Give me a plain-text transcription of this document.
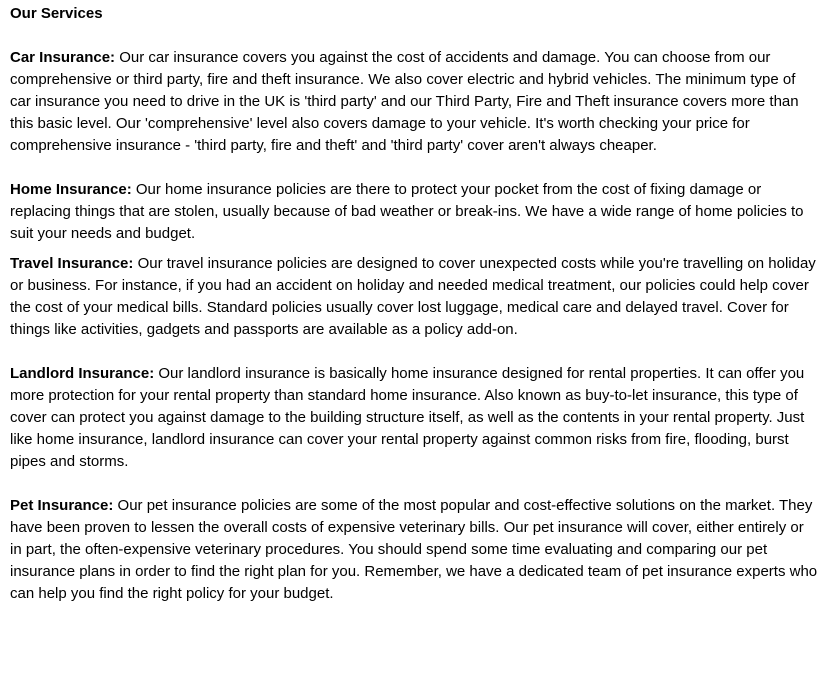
Our Services

Car Insurance: Our car insurance covers you against the cost of accidents and damage. You can choose from our comprehensive or third party, fire and theft insurance. We also cover electric and hybrid vehicles. The minimum type of car insurance you need to drive in the UK is 'third party' and our Third Party, Fire and Theft insurance covers more than this basic level. Our 'comprehensive' level also covers damage to your vehicle. It's worth checking your price for comprehensive insurance - 'third party, fire and theft' and 'third party' cover aren't always cheaper.

Home Insurance: Our home insurance policies are there to protect your pocket from the cost of fixing damage or replacing things that are stolen, usually because of bad weather or break-ins. We have a wide range of home policies to suit your needs and budget.

Travel Insurance: Our travel insurance policies are designed to cover unexpected costs while you're travelling on holiday or business. For instance, if you had an accident on holiday and needed medical treatment, our policies could help cover the cost of your medical bills. Standard policies usually cover lost luggage, medical care and delayed travel. Cover for things like activities, gadgets and passports are available as a policy add-on.

Landlord Insurance: Our landlord insurance is basically home insurance designed for rental properties. It can offer you more protection for your rental property than standard home insurance. Also known as buy-to-let insurance, this type of cover can protect you against damage to the building structure itself, as well as the contents in your rental property. Just like home insurance, landlord insurance can cover your rental property against common risks from fire, flooding, burst pipes and storms.

Pet Insurance: Our pet insurance policies are some of the most popular and cost-effective solutions on the market. They have been proven to lessen the overall costs of expensive veterinary bills. Our pet insurance will cover, either entirely or in part, the often-expensive veterinary procedures. You should spend some time evaluating and comparing our pet insurance plans in order to find the right plan for you. Remember, we have a dedicated team of pet insurance experts who can help you find the right policy for your budget.
